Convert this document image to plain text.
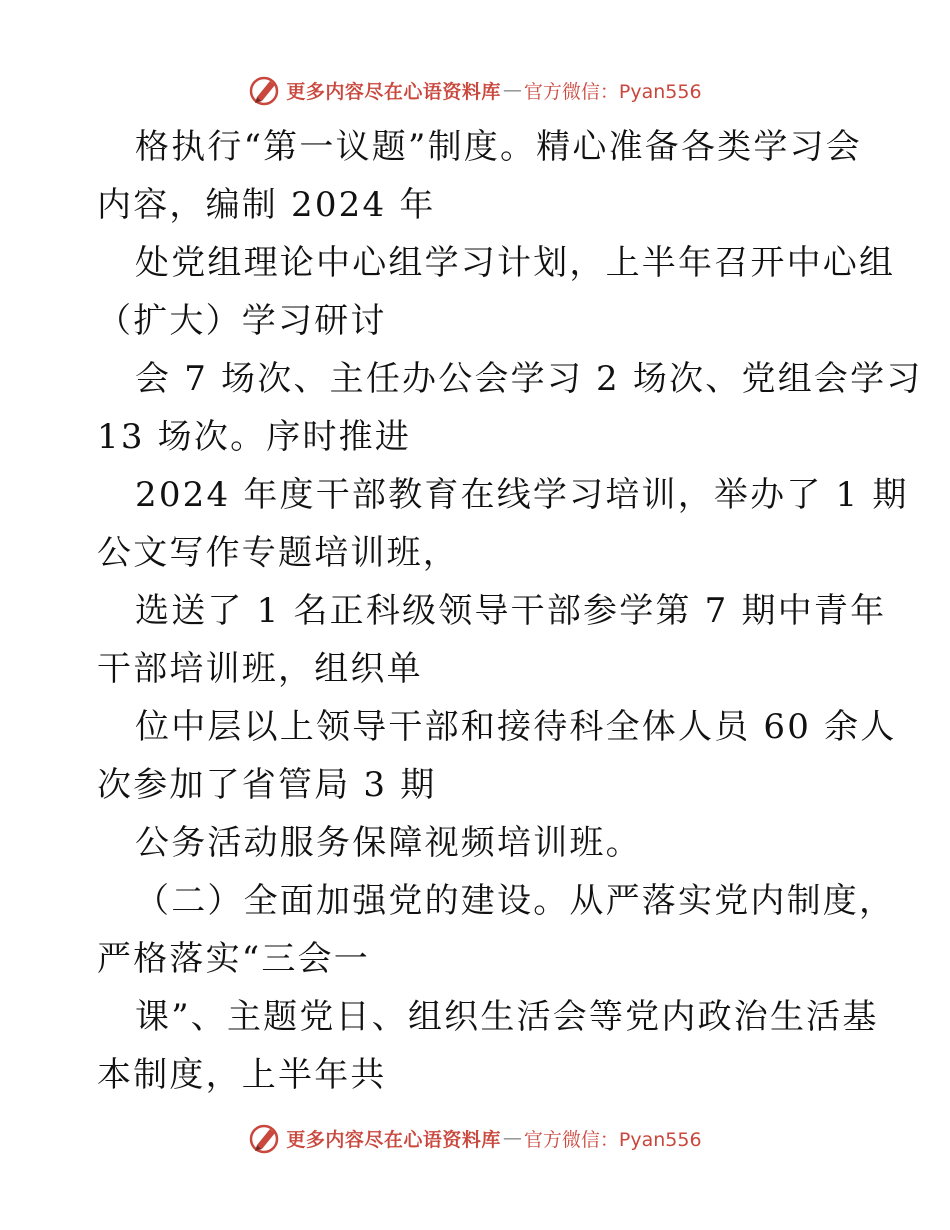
更多内容尽在心语资料库 — 官方微信：Pyan556
格执行“第一议题”制度。精心准备各类学习会
内容，编制 2024 年
处党组理论中心组学习计划，上半年召开中心组
（扩大）学习研讨
会 7 场次、主任办公会学习 2 场次、党组会学习
13 场次。序时推进
2024 年度干部教育在线学习培训，举办了 1 期
公文写作专题培训班，
选送了 1 名正科级领导干部参学第 7 期中青年
干部培训班，组织单
位中层以上领导干部和接待科全体人员 60 余人
次参加了省管局 3 期
公务活动服务保障视频培训班。
（二）全面加强党的建设。从严落实党内制度，
严格落实“三会一
课”、主题党日、组织生活会等党内政治生活基
本制度，上半年共
更多内容尽在心语资料库 — 官方微信：Pyan556
